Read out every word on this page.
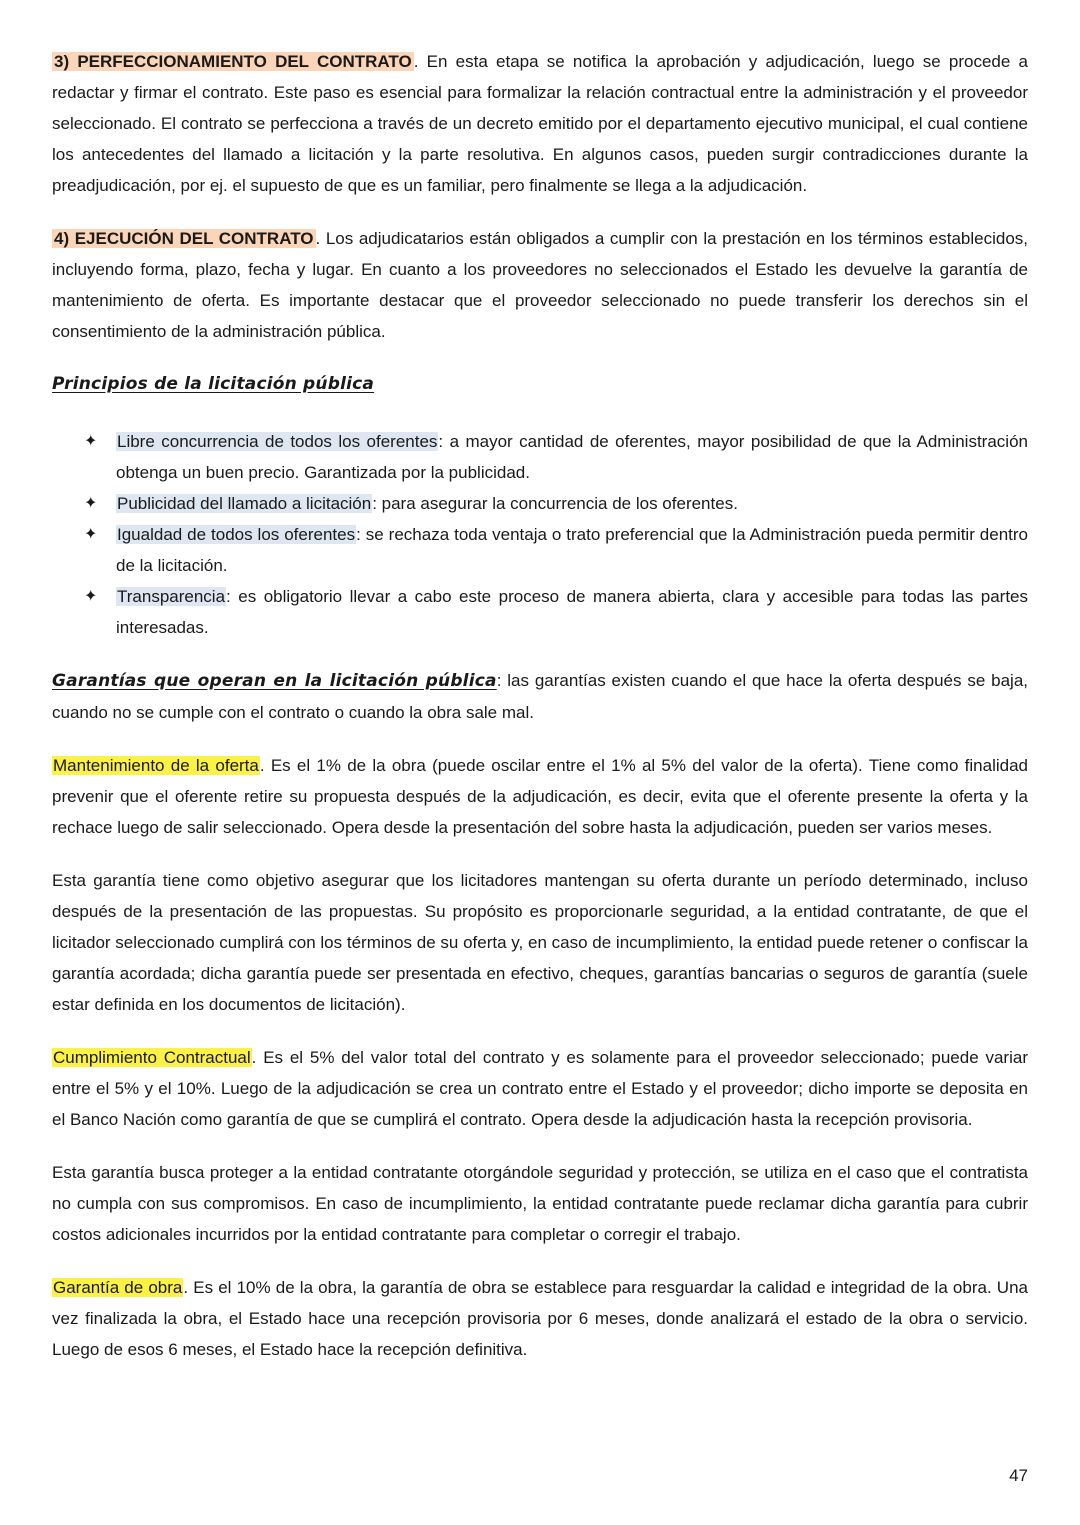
3) PERFECCIONAMIENTO DEL CONTRATO . En esta etapa se notifica la aprobación y adjudicación, luego se procede a redactar y firmar el contrato. Este paso es esencial para formalizar la relación contractual entre la administración y el proveedor seleccionado. El contrato se perfecciona a través de un decreto emitido por el departamento ejecutivo municipal, el cual contiene los antecedentes del llamado a licitación y la parte resolutiva. En algunos casos, pueden surgir contradicciones durante la preadjudicación, por ej. el supuesto de que es un familiar, pero finalmente se llega a la adjudicación.

4) EJECUCIÓN DEL CONTRATO . Los adjudicatarios están obligados a cumplir con la prestación en los términos establecidos, incluyendo forma, plazo, fecha y lugar. En cuanto a los proveedores no seleccionados el Estado les devuelve la garantía de mantenimiento de oferta. Es importante destacar que el proveedor seleccionado no puede transferir los derechos sin el consentimiento de la administración pública.

Principios de la licitación pública
✦ Libre concurrencia de todos los oferentes: a mayor cantidad de oferentes, mayor posibilidad de que la Administración obtenga un buen precio. Garantizada por la publicidad.
✦ Publicidad del llamado a licitación: para asegurar la concurrencia de los oferentes.
✦ Igualdad de todos los oferentes: se rechaza toda ventaja o trato preferencial que la Administración pueda permitir dentro de la licitación.
✦ Transparencia: es obligatorio llevar a cabo este proceso de manera abierta, clara y accesible para todas las partes interesadas.

Garantías que operan en la licitación pública: las garantías existen cuando el que hace la oferta después se baja, cuando no se cumple con el contrato o cuando la obra sale mal.

Mantenimiento de la oferta. Es el 1% de la obra (puede oscilar entre el 1% al 5% del valor de la oferta). Tiene como finalidad prevenir que el oferente retire su propuesta después de la adjudicación, es decir, evita que el oferente presente la oferta y la rechace luego de salir seleccionado. Opera desde la presentación del sobre hasta la adjudicación, pueden ser varios meses.

Esta garantía tiene como objetivo asegurar que los licitadores mantengan su oferta durante un período determinado, incluso después de la presentación de las propuestas. Su propósito es proporcionarle seguridad, a la entidad contratante, de que el licitador seleccionado cumplirá con los términos de su oferta y, en caso de incumplimiento, la entidad puede retener o confiscar la garantía acordada; dicha garantía puede ser presentada en efectivo, cheques, garantías bancarias o seguros de garantía (suele estar definida en los documentos de licitación).

Cumplimiento Contractual. Es el 5% del valor total del contrato y es solamente para el proveedor seleccionado; puede variar entre el 5% y el 10%. Luego de la adjudicación se crea un contrato entre el Estado y el proveedor; dicho importe se deposita en el Banco Nación como garantía de que se cumplirá el contrato. Opera desde la adjudicación hasta la recepción provisoria.

Esta garantía busca proteger a la entidad contratante otorgándole seguridad y protección, se utiliza en el caso que el contratista no cumpla con sus compromisos. En caso de incumplimiento, la entidad contratante puede reclamar dicha garantía para cubrir costos adicionales incurridos por la entidad contratante para completar o corregir el trabajo.

Garantía de obra. Es el 10% de la obra, la garantía de obra se establece para resguardar la calidad e integridad de la obra. Una vez finalizada la obra, el Estado hace una recepción provisoria por 6 meses, donde analizará el estado de la obra o servicio. Luego de esos 6 meses, el Estado hace la recepción definitiva.

47
